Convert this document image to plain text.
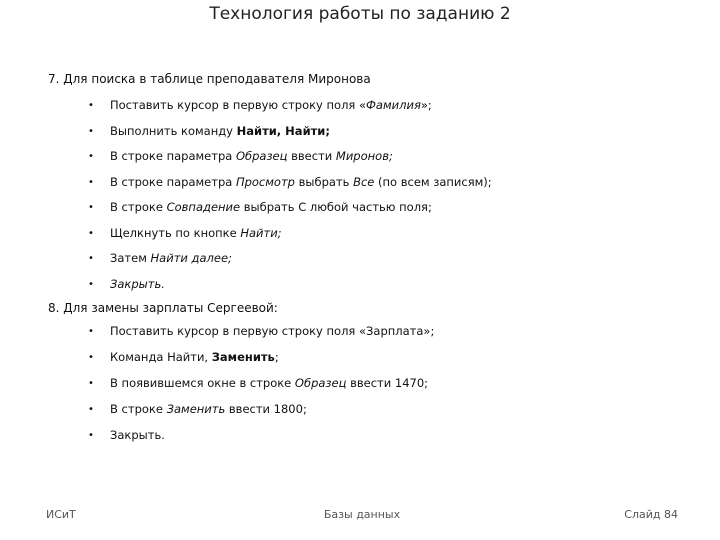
Технология работы по заданию 2
7. Для поиска в таблице преподавателя Миронова
• Поставить курсор в первую строку поля «Фамилия»;
• Выполнить команду Найти, Найти;
• В строке параметра Образец ввести Миронов;
• В строке параметра Просмотр выбрать Все (по всем записям);
• В строке Совпадение выбрать С любой частью поля;
• Щелкнуть по кнопке Найти;
• Затем Найти далее;
• Закрыть.
8. Для замены зарплаты Сергеевой:
• Поставить курсор в первую строку поля «Зарплата»;
• Команда Найти, Заменить;
• В появившемся окне в строке Образец ввести 1470;
• В строке Заменить ввести 1800;
• Закрыть.
ИСиТ	Базы данных	Слайд 84
